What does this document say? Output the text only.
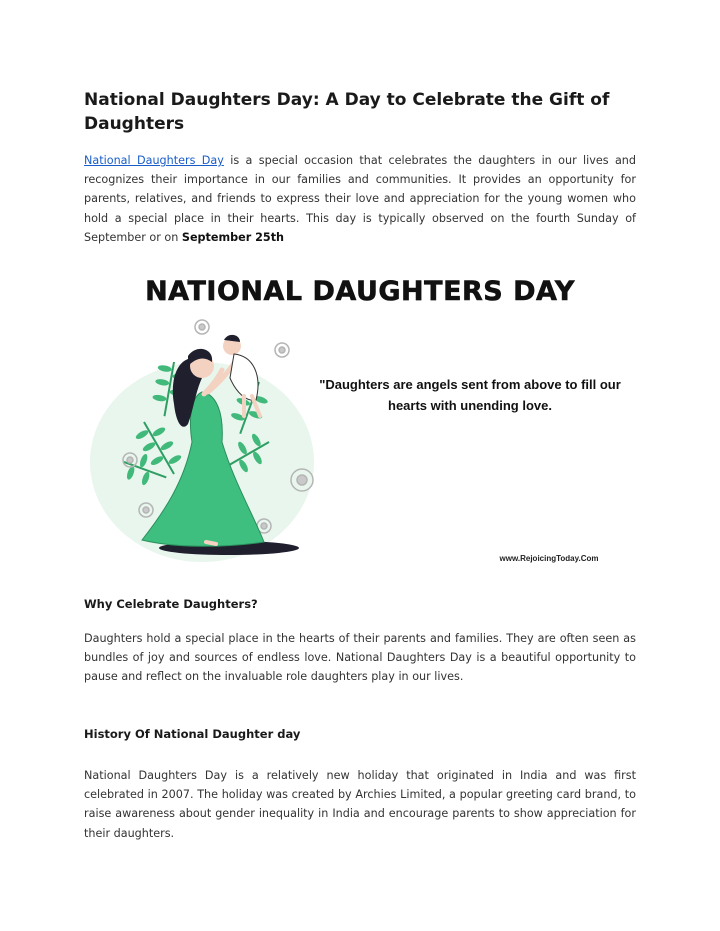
National Daughters Day: A Day to Celebrate the Gift of Daughters

National Daughters Day is a special occasion that celebrates the daughters in our lives and recognizes their importance in our families and communities. It provides an opportunity for parents, relatives, and friends to express their love and appreciation for the young women who hold a special place in their hearts. This day is typically observed on the fourth Sunday of September or on September 25th

NATIONAL DAUGHTERS DAY
"Daughters are angels sent from above to fill our hearts with unending love.
www.RejoicingToday.Com
Why Celebrate Daughters?

Daughters hold a special place in the hearts of their parents and families. They are often seen as bundles of joy and sources of endless love. National Daughters Day is a beautiful opportunity to pause and reflect on the invaluable role daughters play in our lives.

History Of National Daughter day

National Daughters Day is a relatively new holiday that originated in India and was first celebrated in 2007. The holiday was created by Archies Limited, a popular greeting card brand, to raise awareness about gender inequality in India and encourage parents to show appreciation for their daughters.
